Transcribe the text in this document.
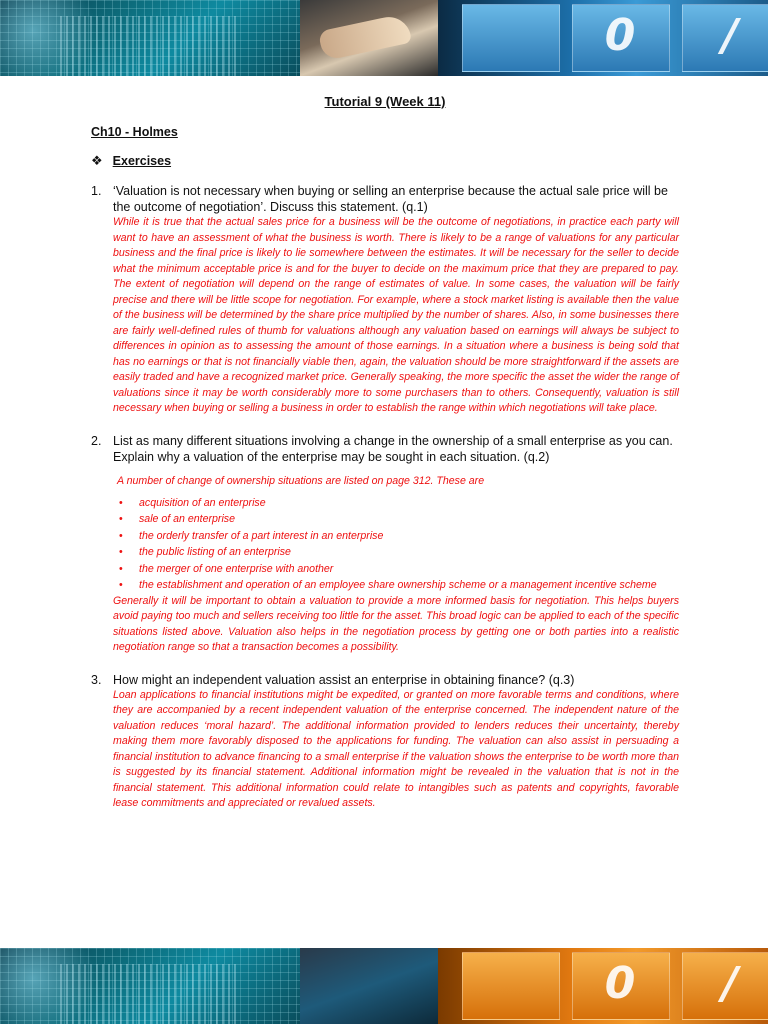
0	/
Tutorial 9 (Week 11)
Ch10 - Holmes
❖ Exercises
1. ‘Valuation is not necessary when buying or selling an enterprise because the actual sale price will be the outcome of negotiation’. Discuss this statement. (q.1)
While it is true that the actual sales price for a business will be the outcome of negotiations, in practice each party will want to have an assessment of what the business is worth. There is likely to be a range of valuations for any particular business and the final price is likely to lie somewhere between the estimates. It will be necessary for the seller to decide what the minimum acceptable price is and for the buyer to decide on the maximum price that they are prepared to pay. The extent of negotiation will depend on the range of estimates of value. In some cases, the valuation will be fairly precise and there will be little scope for negotiation. For example, where a stock market listing is available then the value of the business will be determined by the share price multiplied by the number of shares. Also, in some businesses there are fairly well-defined rules of thumb for valuations although any valuation based on earnings will always be subject to differences in opinion as to assessing the amount of those earnings. In a situation where a business is being sold that has no earnings or that is not financially viable then, again, the valuation should be more straightforward if the assets are easily traded and have a recognized market price. Generally speaking, the more specific the asset the wider the range of valuations since it may be worth considerably more to some purchasers than to others. Consequently, valuation is still necessary when buying or selling a business in order to establish the range within which negotiations will take place.
2. List as many different situations involving a change in the ownership of a small enterprise as you can. Explain why a valuation of the enterprise may be sought in each situation. (q.2)
A number of change of ownership situations are listed on page 312. These are
• acquisition of an enterprise
• sale of an enterprise
• the orderly transfer of a part interest in an enterprise
• the public listing of an enterprise
• the merger of one enterprise with another
• the establishment and operation of an employee share ownership scheme or a management incentive scheme
Generally it will be important to obtain a valuation to provide a more informed basis for negotiation. This helps buyers avoid paying too much and sellers receiving too little for the asset. This broad logic can be applied to each of the specific situations listed above. Valuation also helps in the negotiation process by getting one or both parties into a realistic negotiation range so that a transaction becomes a possibility.
3. How might an independent valuation assist an enterprise in obtaining finance? (q.3)
Loan applications to financial institutions might be expedited, or granted on more favorable terms and conditions, where they are accompanied by a recent independent valuation of the enterprise concerned. The independent nature of the valuation reduces ‘moral hazard’. The additional information provided to lenders reduces their uncertainty, thereby making them more favorably disposed to the applications for funding. The valuation can also assist in persuading a financial institution to advance financing to a small enterprise if the valuation shows the enterprise to be worth more than is suggested by its financial statement. Additional information might be revealed in the valuation that is not in the financial statement. This additional information could relate to intangibles such as patents and copyrights, favorable lease commitments and appreciated or revalued assets.
0	/
